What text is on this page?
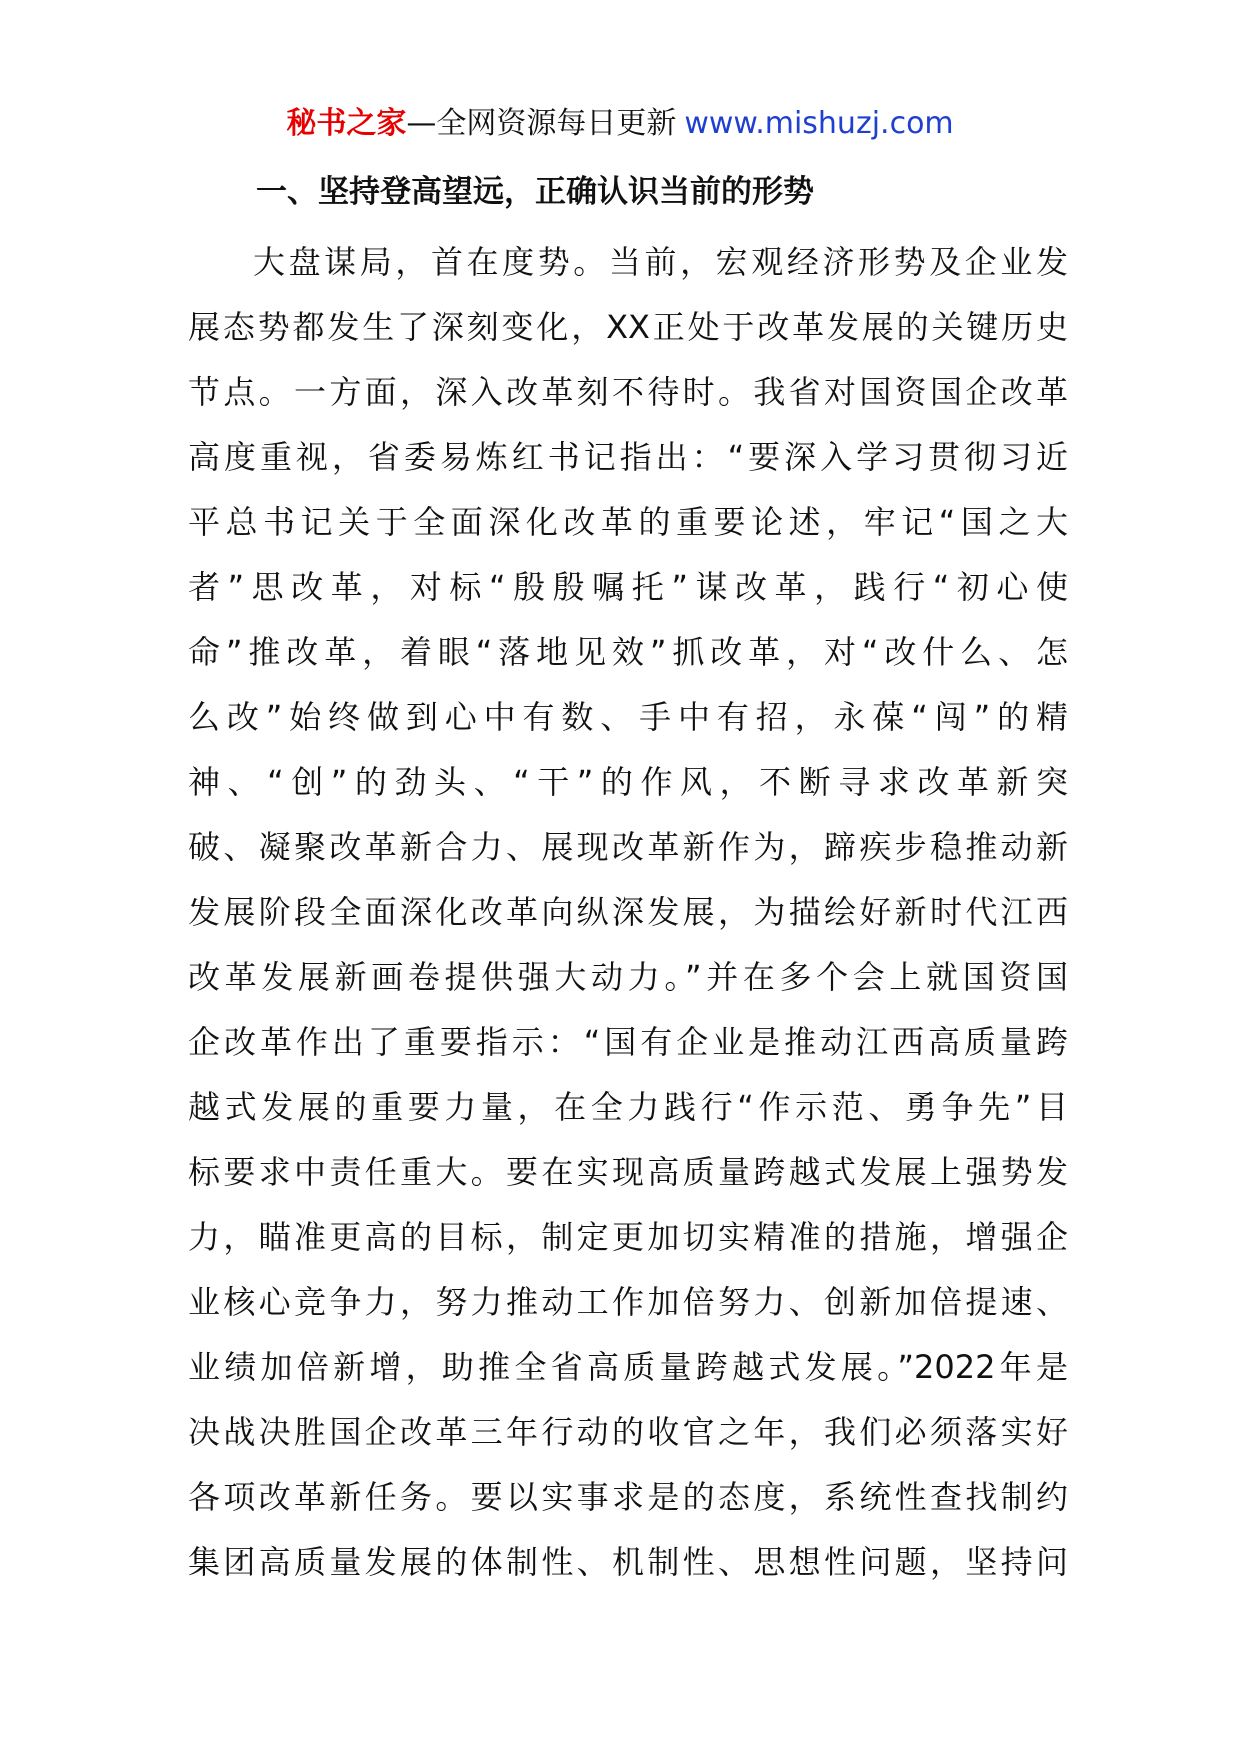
秘书之家—全网资源每日更新 www.mishuzj.com
一、坚持登高望远，正确认识当前的形势
大盘谋局，首在度势。当前，宏观经济形势及企业发
展态势都发生了深刻变化，XX正处于改革发展的关键历史
节点。一方面，深入改革刻不待时。我省对国资国企改革
高度重视，省委易炼红书记指出：“要深入学习贯彻习近
平总书记关于全面深化改革的重要论述，牢记“国之大
者”思改革，对标“殷殷嘱托”谋改革，践行“初心使
命”推改革，着眼“落地见效”抓改革，对“改什么、怎
么改”始终做到心中有数、手中有招，永葆“闯”的精
神、“创”的劲头、“干”的作风，不断寻求改革新突
破、凝聚改革新合力、展现改革新作为，蹄疾步稳推动新
发展阶段全面深化改革向纵深发展，为描绘好新时代江西
改革发展新画卷提供强大动力。”并在多个会上就国资国
企改革作出了重要指示：“国有企业是推动江西高质量跨
越式发展的重要力量，在全力践行“作示范、勇争先”目
标要求中责任重大。要在实现高质量跨越式发展上强势发
力，瞄准更高的目标，制定更加切实精准的措施，增强企
业核心竞争力，努力推动工作加倍努力、创新加倍提速、
业绩加倍新增，助推全省高质量跨越式发展。”2022年是
决战决胜国企改革三年行动的收官之年，我们必须落实好
各项改革新任务。要以实事求是的态度，系统性查找制约
集团高质量发展的体制性、机制性、思想性问题，坚持问
